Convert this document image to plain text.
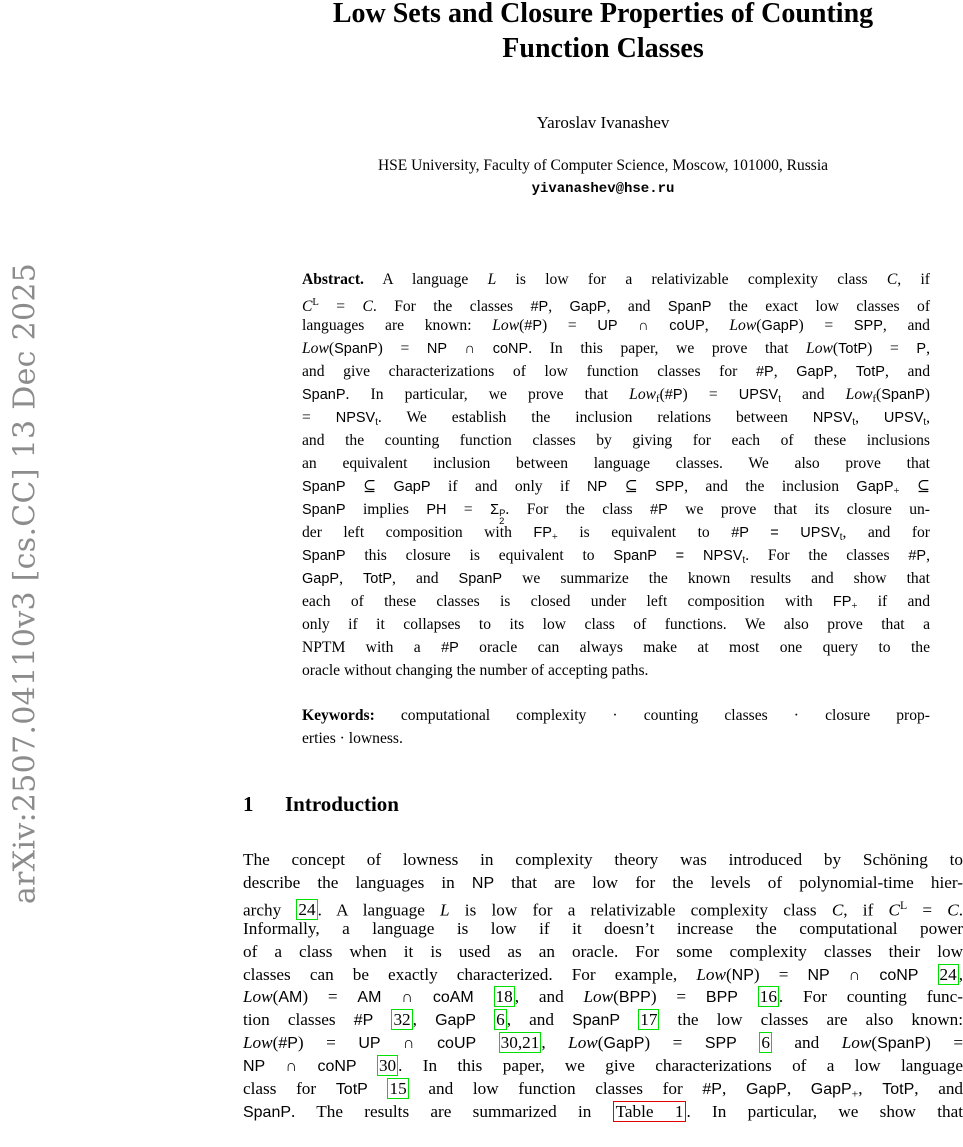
arXiv:2507.04110v3 [cs.CC] 13 Dec 2025
Low Sets and Closure Properties of Counting
Function Classes
Yaroslav Ivanashev
HSE University, Faculty of Computer Science, Moscow, 101000, Russia
yivanashev@hse.ru
Abstract. A language L is low for a relativizable complexity class C, if
$C^L = C$. For the classes #P, GapP, and SpanP the exact low classes of
languages are known: Low(#P) = UP ∩ coUP, Low(GapP) = SPP, and
Low(SpanP) = NP ∩ coNP. In this paper, we prove that Low(TotP) = P,
and give characterizations of low function classes for #P, GapP, TotP, and
SpanP. In particular, we prove that Low$_f$(#P) = UPSVt and Low$_f$(SpanP)
= NPSVt. We establish the inclusion relations between NPSVt, UPSVt,
and the counting function classes by giving for each of these inclusions
an equivalent inclusion between language classes. We also prove that
SpanP ⊆ GapP if and only if NP ⊆ SPP, and the inclusion GapP$_+$ ⊆
SpanP implies PH = Σ P
2
. For the class #P we prove that its closure un-
der left composition with $FP_+$ is equivalent to #P = UPSVt, and for
SpanP this closure is equivalent to SpanP = NPSVt. For the classes #P,
GapP, TotP, and SpanP we summarize the known results and show that
each of these classes is closed under left composition with $FP_+$ if and
only if it collapses to its low class of functions. We also prove that a
NPTM with a #P oracle can always make at most one query to the
oracle without changing the number of accepting paths.
Keywords: computational complexity · counting classes · closure prop-
erties · lowness.
1 Introduction
The concept of lowness in complexity theory was introduced by Schöning to
describe the languages in NP that are low for the levels of polynomial-time hier-
archy 24 . A language L is low for a relativizable complexity class C, if $C^L = C$.
Informally, a language is low if it doesn’t increase the computational power
of a class when it is used as an oracle. For some complexity classes their low
classes can be exactly characterized. For example, Low(NP) = NP ∩ coNP 24 ,
Low(AM) = AM ∩ coAM 18 , and Low(BPP) = BPP 16 . For counting func-
tion classes #P 32 , GapP 6 , and SpanP 17 the low classes are also known:
Low(#P) = UP ∩ coUP 30,21 , Low(GapP) = SPP 6 and Low(SpanP) =
NP ∩ coNP 30 . In this paper, we give characterizations of a low language
class for TotP 15 and low function classes for #P, GapP, GapP$_+$, TotP, and
SpanP. The results are summarized in Table 1 . In particular, we show that
